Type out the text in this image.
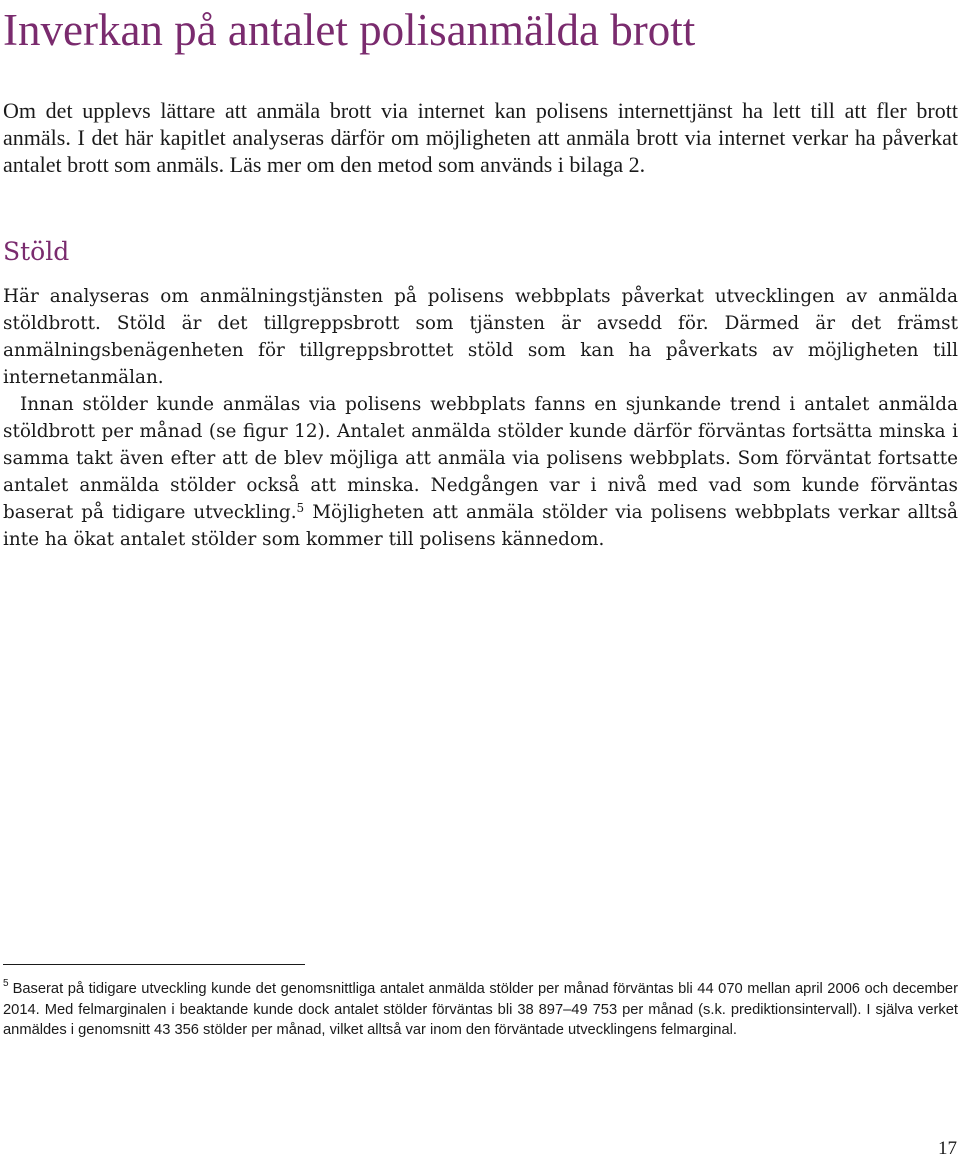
Inverkan på antalet polisanmälda brott

Om det upplevs lättare att anmäla brott via internet kan polisens internettjänst ha lett till att fler brott anmäls. I det här kapitlet analyseras därför om möjligheten att anmäla brott via internet verkar ha påverkat antalet brott som anmäls. Läs mer om den metod som används i bilaga 2.

Stöld

Här analyseras om anmälningstjänsten på polisens webbplats påverkat utvecklingen av anmälda stöldbrott. Stöld är det tillgreppsbrott som tjänsten är avsedd för. Därmed är det främst anmälningsbenägenheten för tillgreppsbrottet stöld som kan ha påverkats av möjligheten till internetanmälan.

Innan stölder kunde anmälas via polisens webbplats fanns en sjunkande trend i antalet anmälda stöldbrott per månad (se figur 12). Antalet anmälda stölder kunde därför förväntas fortsätta minska i samma takt även efter att de blev möjliga att anmäla via polisens webbplats. Som förväntat fortsatte antalet anmälda stölder också att minska. Nedgången var i nivå med vad som kunde förväntas baserat på tidigare utveckling.$^5$ Möjligheten att anmäla stölder via polisens webbplats verkar alltså inte ha ökat antalet stölder som kommer till polisens kännedom.

$^5$ Baserat på tidigare utveckling kunde det genomsnittliga antalet anmälda stölder per månad förväntas bli 44 070 mellan april 2006 och december 2014. Med felmarginalen i beaktande kunde dock antalet stölder förväntas bli 38 897–49 753 per månad (s.k. prediktionsintervall). I själva verket anmäldes i genomsnitt 43 356 stölder per månad, vilket alltså var inom den förväntade utvecklingens felmarginal.

17
